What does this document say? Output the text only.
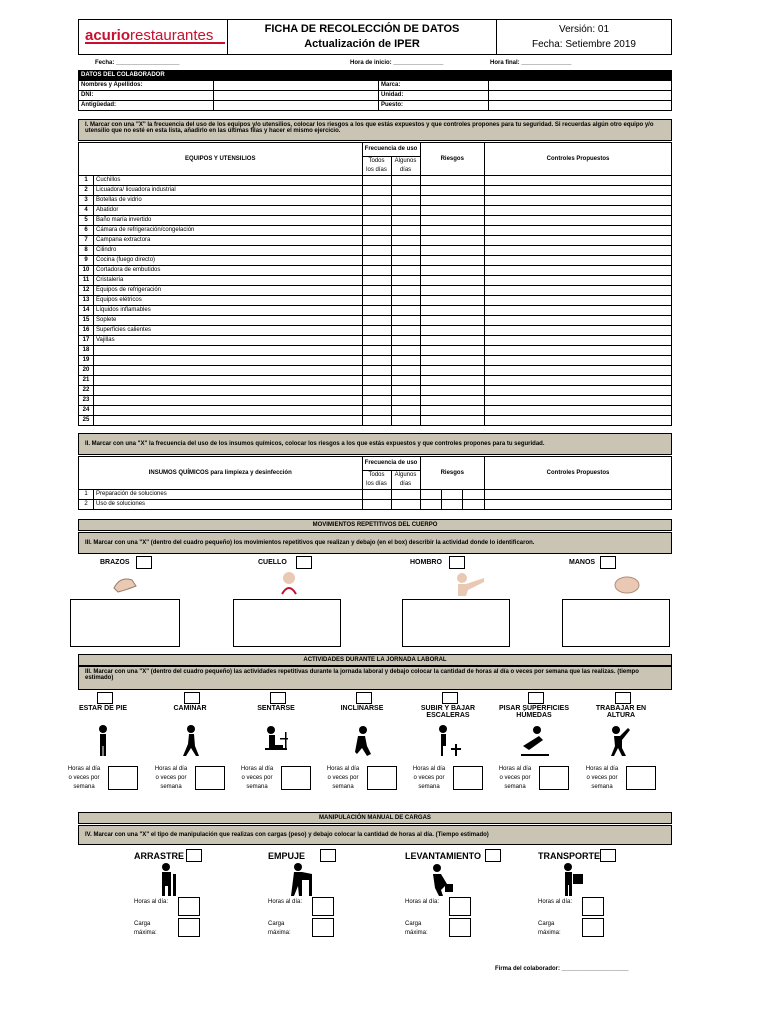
acuriorestaurantes	FICHA DE RECOLECCIÓN DE DATOS
Actualización de IPER

Versión: 01
Fecha: Setiembre 2019
Fecha: ___________________	Hora de inicio: _______________	Hora final: _______________
DATOS DEL COLABORADOR			
Nombres y Apellidos:		Marca:	
DNI:		Unidad:	
Antigüedad:		Puesto:	
I. Marcar con una "X" la frecuencia del uso de los equipos y/o utensilios, colocar los riesgos a los que estás expuestos y que controles propones para tu seguridad. Si recuerdas algún otro equipo y/o utensilio que no esté en esta lista, añadirlo en las últimas filas y hacer el mismo ejercicio.
EQUIPOS Y UTENSILIOS		Frecuencia de uso		Riesgos	Controles Propuestos
		Todos los días	Algunos días		
1	Cuchillos				
2	Licuadora/ licuadora industrial				
3	Botellas de vidrio				
4	Abatidor				
5	Baño maría invertido				
6	Cámara de refrigeración/congelación				
7	Campana extractora				
8	Cilindro				
9	Cocina (fuego directo)				
10	Cortadora de embutidos				
11	Cristalería				
12	Equipos de refrigeración				
13	Equipos elétricos				
14	Líquidos inflamables				
15	Soplete				
16	Superficies calientes				
17	Vajillas				
18					
19					
20					
21					
22					
23					
24					
25					
II. Marcar con una "X" la frecuencia del uso de los insumos químicos, colocar los riesgos a los que estás expuestos y que controles propones para tu seguridad.
INSUMOS QUÍMICOS para limpieza y desinfección		Frecuencia de uso		Riesgos			Controles Propuestos
		Todos los días	Algunos días				
1	Preparación de soluciones						
2	Uso de soluciones						
MOVIMIENTOS REPETITIVOS DEL CUERPO
III. Marcar con una "X" (dentro del cuadro pequeño) los movimientos repetitivos que realizan y debajo (en el box) describir la actividad donde lo identificaron.
BRAZOS	CUELLO	HOMBRO	MANOS
ACTIVIDADES DURANTE LA JORNADA LABORAL
III. Marcar con una "X" (dentro del cuadro pequeño) las actividades repetitivas durante la jornada laboral y debajo colocar la cantidad de horas al día o veces por semana que las realizas. (tiempo estimado)
ESTAR DE PIE
Horas al día o veces por semana
CAMINAR
Horas al día o veces por semana
SENTARSE
Horas al día o veces por semana
INCLINARSE
Horas al día o veces por semana
SUBIR Y BAJAR ESCALERAS
Horas al día o veces por semana
PISAR SUPERFICIES HÚMEDAS
Horas al día o veces por semana
TRABAJAR EN ALTURA
Horas al día o veces por semana
MANIPULACIÓN MANUAL DE CARGAS
IV. Marcar con una "X" el tipo de manipulación que realizas con cargas (peso) y debajo colocar la cantidad de horas al día. (Tiempo estimado)
ARRASTRE
Horas al día:
Carga máxima:
EMPUJE
Horas al día:
Carga máxima:
LEVANTAMIENTO
Horas al día:
Carga máxima:
TRANSPORTE
Horas al día:
Carga máxima:
Firma del colaborador: ____________________
